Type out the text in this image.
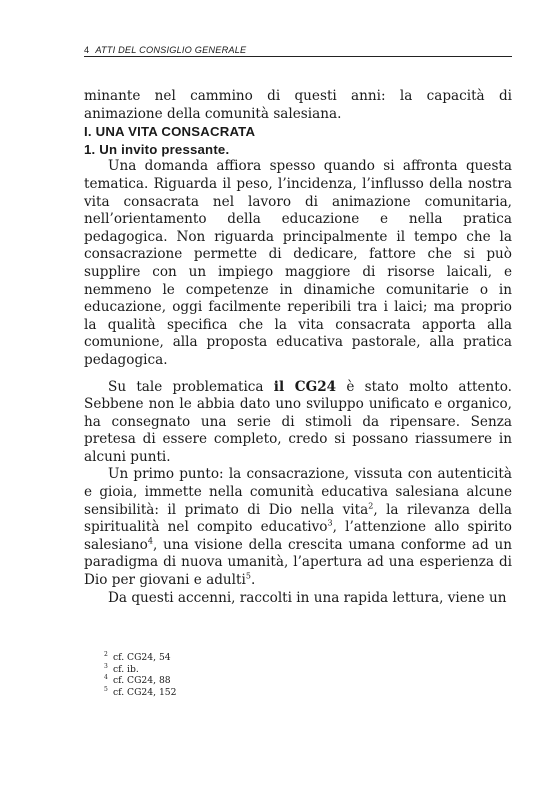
4 ATTI DEL CONSIGLIO GENERALE

minante nel cammino di questi anni: la capacità di animazione della comunità salesiana.

I. UNA VITA CONSACRATA

1. Un invito pressante.

Una domanda affiora spesso quando si affronta questa tematica. Riguarda il peso, l’incidenza, l’influsso della nostra vita consacrata nel lavoro di animazione comunitaria, nell’orientamento della educazione e nella pratica pedagogica. Non riguarda principalmente il tempo che la consacrazione permette di dedicare, fattore che si può supplire con un impiego maggiore di risorse laicali, e nemmeno le competenze in dinamiche comunitarie o in educazione, oggi facilmente reperibili tra i laici; ma proprio la qualità specifica che la vita consacrata apporta alla comunione, alla proposta educativa pastorale, alla pratica pedagogica.

Su tale problematica il CG24 è stato molto attento. Sebbene non le abbia dato uno sviluppo unificato e organico, ha consegnato una serie di stimoli da ripensare. Senza pretesa di essere completo, credo si possano riassumere in alcuni punti.

Un primo punto: la consacrazione, vissuta con autenticità e gioia, immette nella comunità educativa salesiana alcune sensibilità: il primato di Dio nella vita$^2$, la rilevanza della spiritualità nel compito educativo$^3$, l’attenzione allo spirito salesiano$^4$, una visione della crescita umana conforme ad un paradigma di nuova umanità, l’apertura ad una esperienza di Dio per giovani e adulti$^5$.

Da questi accenni, raccolti in una rapida lettura, viene un

2 cf. CG24, 54
3 cf. ib.
4 cf. CG24, 88
5 cf. CG24, 152
